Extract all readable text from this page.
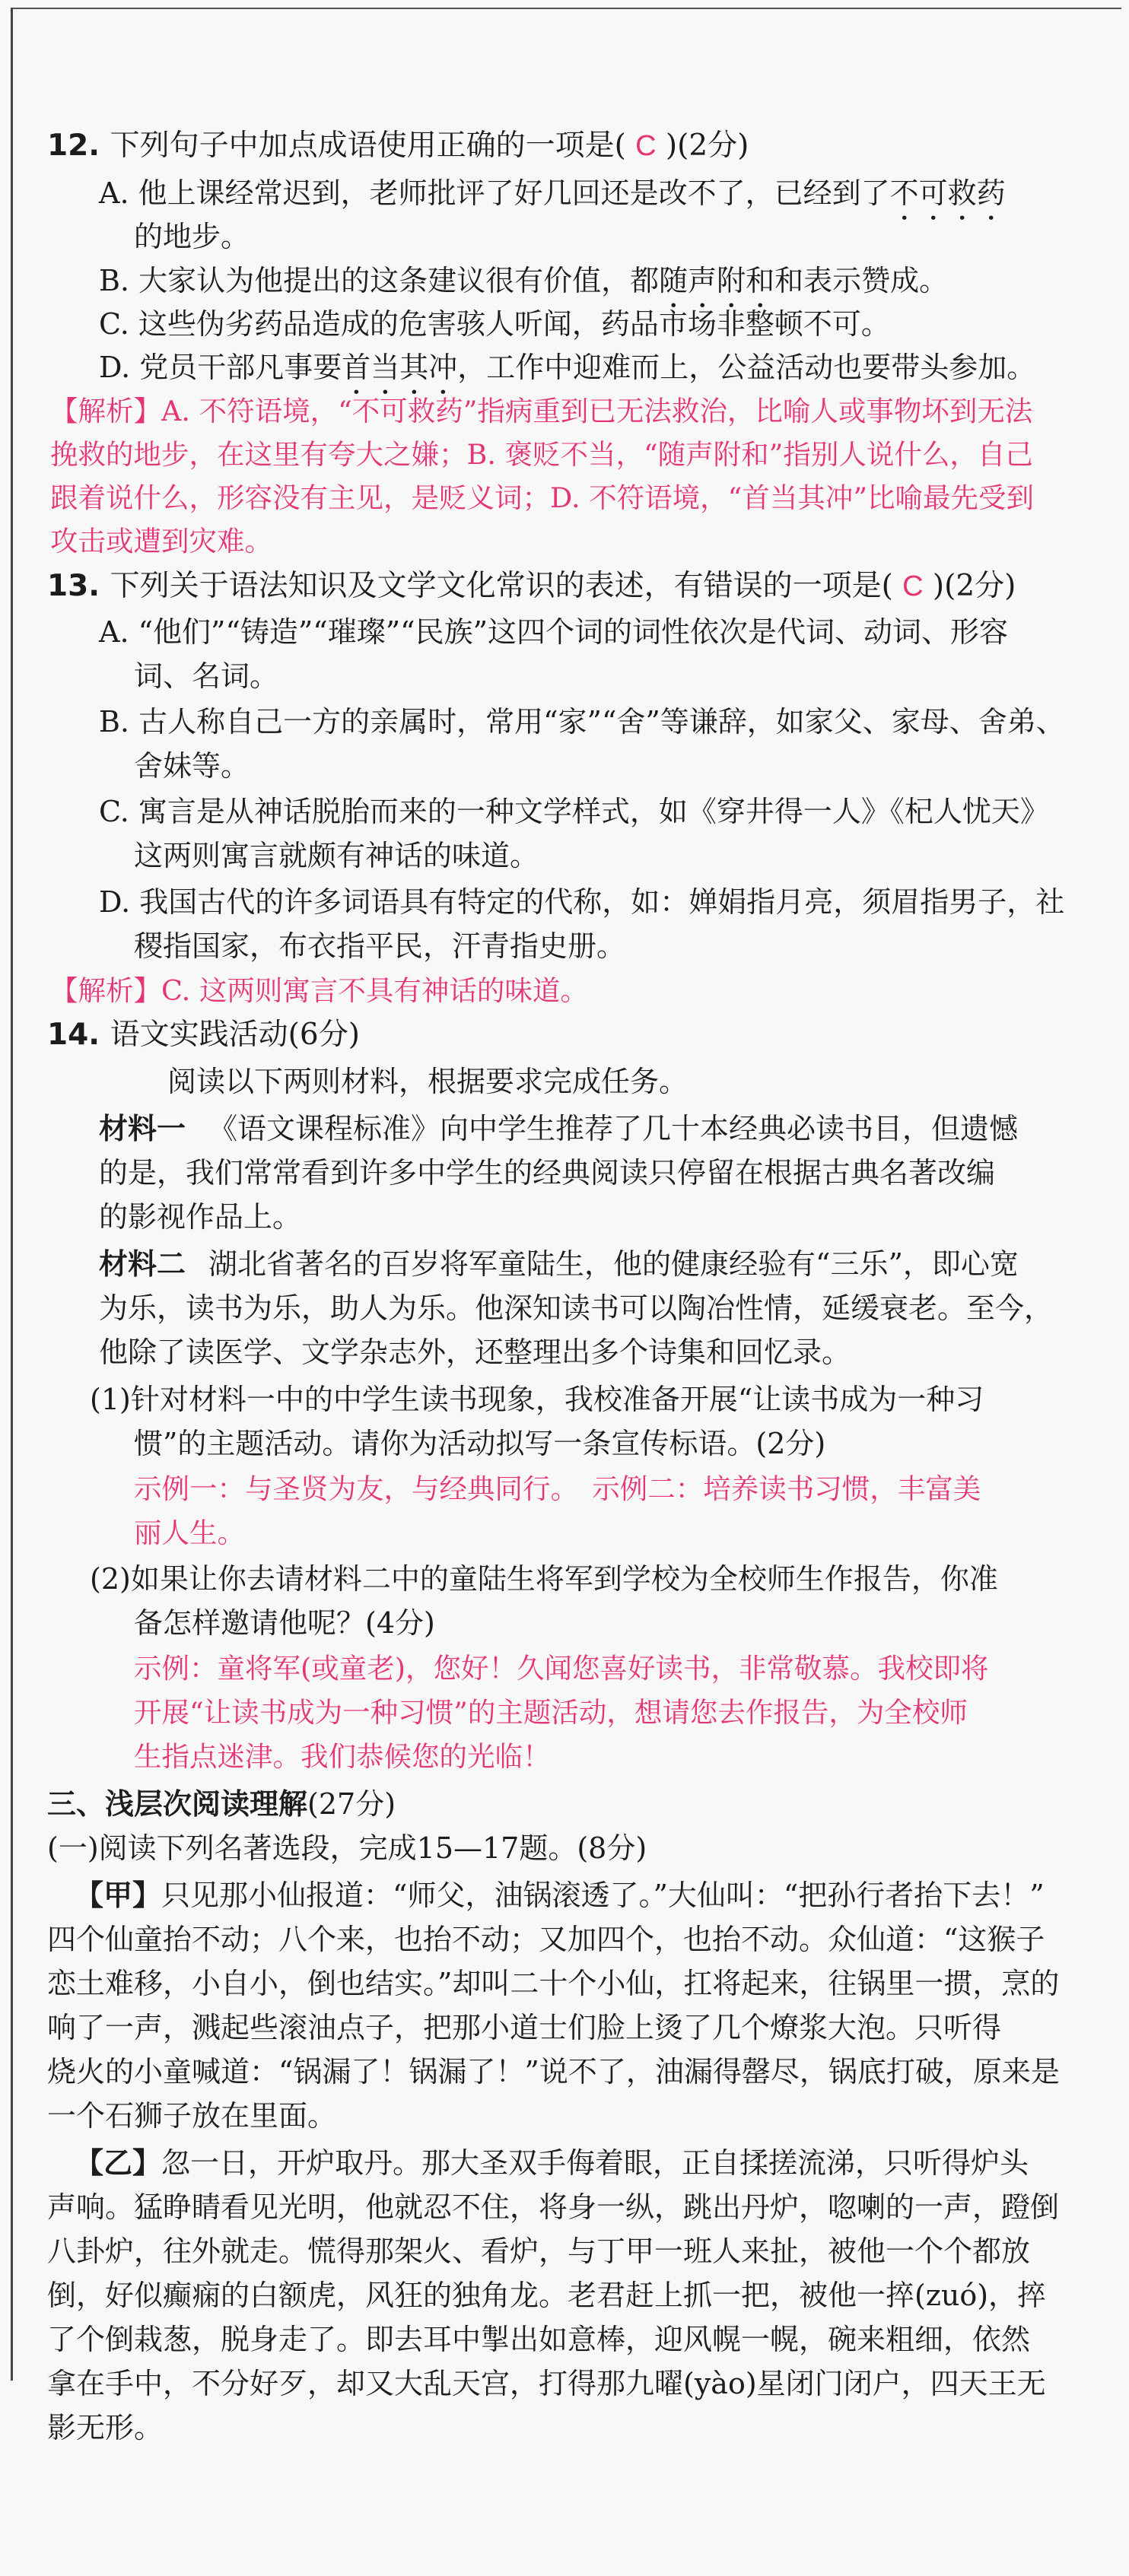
12. 下列句子中加点成语使用正确的一项是( C )(2分)
A. 他上课经常迟到，老师批评了好几回还是改不了，已经到了不可救药
的地步。
B. 大家认为他提出的这条建议很有价值，都随声附和和表示赞成。
C. 这些伪劣药品造成的危害骇人听闻，药品市场非整顿不可。
D. 党员干部凡事要首当其冲，工作中迎难而上，公益活动也要带头参加。
【解析】A. 不符语境，“不可救药”指病重到已无法救治，比喻人或事物坏到无法
挽救的地步，在这里有夸大之嫌；B. 褒贬不当，“随声附和”指别人说什么，自己
跟着说什么，形容没有主见，是贬义词；D. 不符语境，“首当其冲”比喻最先受到
攻击或遭到灾难。
13. 下列关于语法知识及文学文化常识的表述，有错误的一项是( C )(2分)
A. “他们”“铸造”“璀璨”“民族”这四个词的词性依次是代词、动词、形容
词、名词。
B. 古人称自己一方的亲属时，常用“家”“舍”等谦辞，如家父、家母、舍弟、
舍妹等。
C. 寓言是从神话脱胎而来的一种文学样式，如《穿井得一人》《杞人忧天》
这两则寓言就颇有神话的味道。
D. 我国古代的许多词语具有特定的代称，如：婵娟指月亮，须眉指男子，社
稷指国家，布衣指平民，汗青指史册。
【解析】C. 这两则寓言不具有神话的味道。
14. 语文实践活动(6分)
阅读以下两则材料，根据要求完成任务。
材料一 《语文课程标准》向中学生推荐了几十本经典必读书目，但遗憾
的是，我们常常看到许多中学生的经典阅读只停留在根据古典名著改编
的影视作品上。
材料二 湖北省著名的百岁将军童陆生，他的健康经验有“三乐”，即心宽
为乐，读书为乐，助人为乐。他深知读书可以陶冶性情，延缓衰老。至今，
他除了读医学、文学杂志外，还整理出多个诗集和回忆录。
(1)针对材料一中的中学生读书现象，我校准备开展“让读书成为一种习
惯”的主题活动。请你为活动拟写一条宣传标语。(2分)
示例一：与圣贤为友，与经典同行。　示例二：培养读书习惯，丰富美
丽人生。
(2)如果让你去请材料二中的童陆生将军到学校为全校师生作报告，你准
备怎样邀请他呢？(4分)
示例：童将军(或童老)，您好！久闻您喜好读书，非常敬慕。我校即将
开展“让读书成为一种习惯”的主题活动，想请您去作报告，为全校师
生指点迷津。我们恭候您的光临！
三、浅层次阅读理解(27分)
(一)阅读下列名著选段，完成15—17题。(8分)
【甲】只见那小仙报道：“师父，油锅滚透了。”大仙叫：“把孙行者抬下去！”
四个仙童抬不动；八个来，也抬不动；又加四个，也抬不动。众仙道：“这猴子
恋土难移，小自小，倒也结实。”却叫二十个小仙，扛将起来，往锅里一掼，烹的
响了一声，溅起些滚油点子，把那小道士们脸上烫了几个燎浆大泡。只听得
烧火的小童喊道：“锅漏了！锅漏了！”说不了，油漏得罄尽，锅底打破，原来是
一个石狮子放在里面。
【乙】忽一日，开炉取丹。那大圣双手侮着眼，正自揉搓流涕，只听得炉头
声响。猛睁睛看见光明，他就忍不住，将身一纵，跳出丹炉，唿喇的一声，蹬倒
八卦炉，往外就走。慌得那架火、看炉，与丁甲一班人来扯，被他一个个都放
倒，好似癫痫的白额虎，风狂的独角龙。老君赶上抓一把，被他一捽(zuó)，捽
了个倒栽葱，脱身走了。即去耳中掣出如意棒，迎风幌一幌，碗来粗细，依然
拿在手中，不分好歹，却又大乱天宫，打得那九曜(yào)星闭门闭户，四天王无
影无形。
